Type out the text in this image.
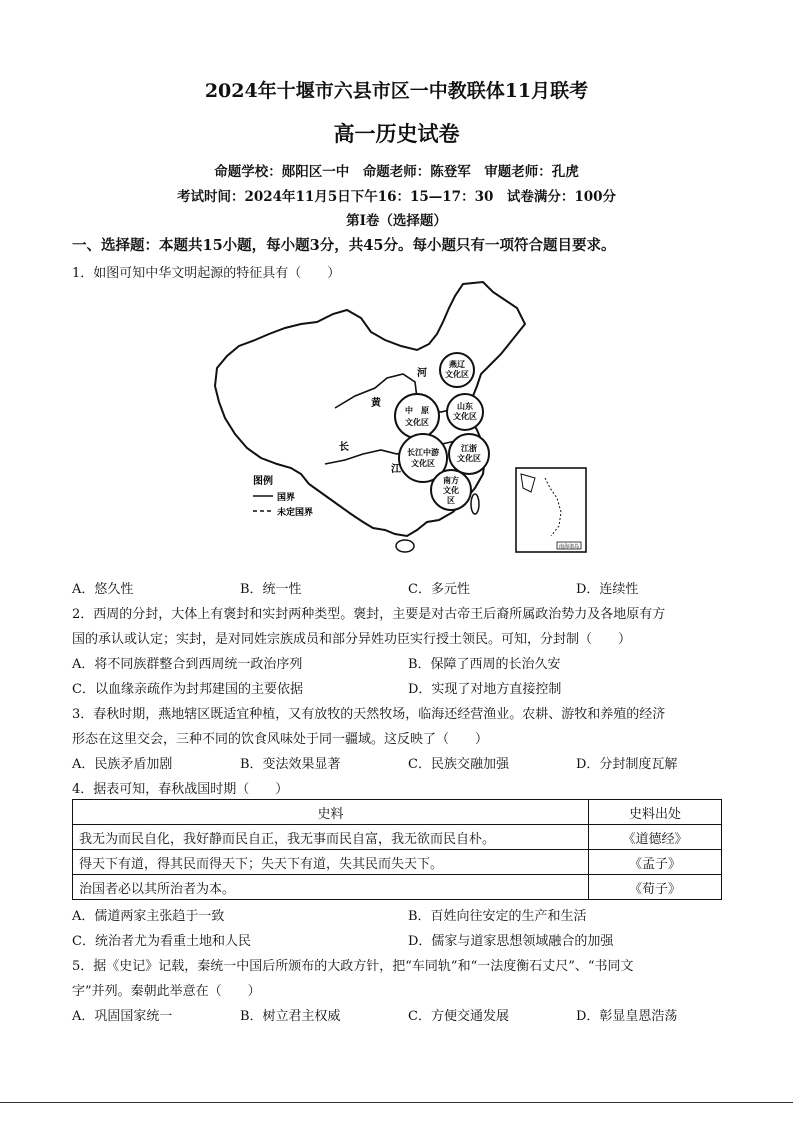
2024年十堰市六县市区一中教联体11月联考
高一历史试卷
命题学校：郧阳区一中　命题老师：陈登军　审题老师：孔虎
考试时间：2024年11月5日下午16：15—17：30　试卷满分：100分
第Ⅰ卷（选择题）
一、选择题：本题共15小题，每小题3分，共45分。每小题只有一项符合题目要求。
1．如图可知中华文明起源的特征具有（　　）
燕辽
文化区
山东
文化区
中　原
文化区
江浙
文化区
长江中游
文化区
南方
文化
区
河
黄
长
江
图例
国界
未定国界
南海诸岛
A．悠久性	B．统一性	C．多元性	D．连续性
2．西周的分封，大体上有褒封和实封两种类型。褒封，主要是对古帝王后裔所属政治势力及各地原有方
国的承认或认定；实封，是对同姓宗族成员和部分异姓功臣实行授土领民。可知，分封制（　　）
A．将不同族群整合到西周统一政治序列	B．保障了西周的长治久安
C．以血缘亲疏作为封邦建国的主要依据	D．实现了对地方直接控制
3．春秋时期，燕地辖区既适宜种植，又有放牧的天然牧场，临海还经营渔业。农耕、游牧和养殖的经济
形态在这里交会，三种不同的饮食风味处于同一疆域。这反映了（　　）
A．民族矛盾加剧	B．变法效果显著	C．民族交融加强	D．分封制度瓦解
4．据表可知，春秋战国时期（　　）
史料	史料出处
我无为而民自化，我好静而民自正，我无事而民自富，我无欲而民自朴。	《道德经》
得天下有道，得其民而得天下；失天下有道，失其民而失天下。	《孟子》
治国者必以其所治者为本。	《荀子》
A．儒道两家主张趋于一致	B．百姓向往安定的生产和生活
C．统治者尤为看重土地和人民	D．儒家与道家思想领域融合的加强
5．据《史记》记载，秦统一中国后所颁布的大政方针，把“车同轨”和“一法度衡石丈尺”、“书同文
字”并列。秦朝此举意在（　　）
A．巩固国家统一	B．树立君主权威	C．方便交通发展	D．彰显皇恩浩荡
